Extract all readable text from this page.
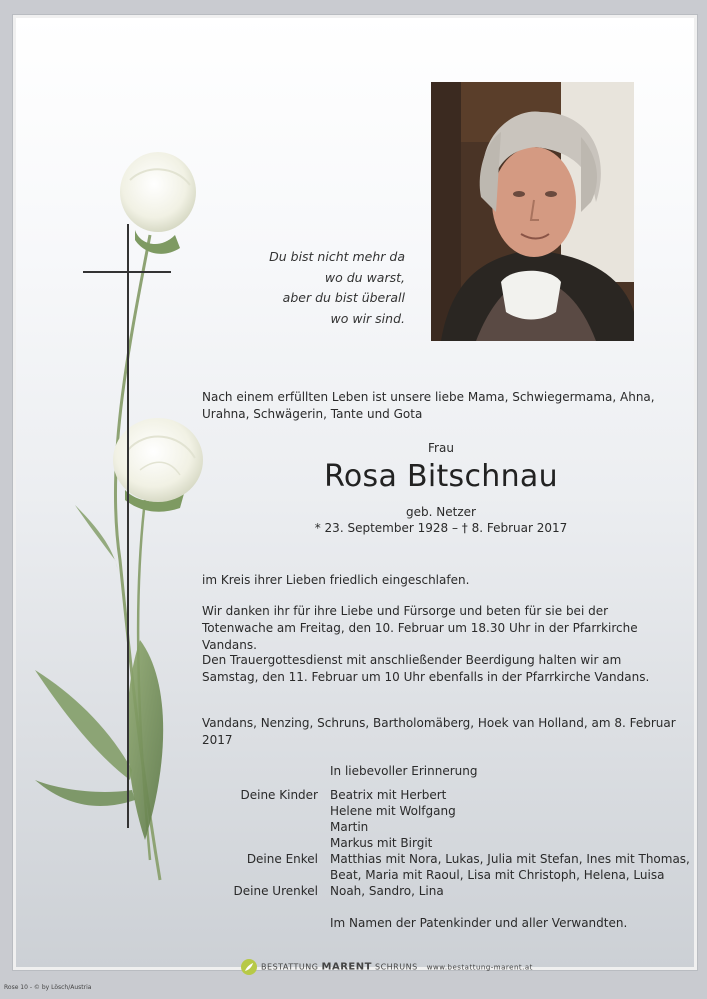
Du bist nicht mehr da
wo du warst,
aber du bist überall
wo wir sind.
Nach einem erfüllten Leben ist unsere liebe Mama, Schwiegermama, Ahna, Urahna, Schwägerin, Tante und Gota
Frau
Rosa Bitschnau
geb. Netzer
* 23. September 1928 – † 8. Februar 2017
im Kreis ihrer Lieben friedlich eingeschlafen.
Wir danken ihr für ihre Liebe und Fürsorge und beten für sie bei der Totenwache am Freitag, den 10. Februar um 18.30 Uhr in der Pfarrkirche Vandans.
Den Trauergottesdienst mit anschließender Beerdigung halten wir am Samstag, den 11. Februar um 10 Uhr ebenfalls in der Pfarrkirche Vandans.
Vandans, Nenzing, Schruns, Bartholomäberg, Hoek van Holland, am 8. Februar 2017
In liebevoller Erinnerung
Deine Kinder	Beatrix mit Herbert
Helene mit Wolfgang
Martin
Markus mit Birgit
Deine Enkel	Matthias mit Nora, Lukas, Julia mit Stefan, Ines mit Thomas,
Beat, Maria mit Raoul, Lisa mit Christoph, Helena, Luisa
Deine Urenkel	Noah, Sandro, Lina
Im Namen der Patenkinder und aller Verwandten.
BESTATTUNG MARENT SCHRUNS www.bestattung-marent.at
Rose 10 - © by Lösch/Austria
